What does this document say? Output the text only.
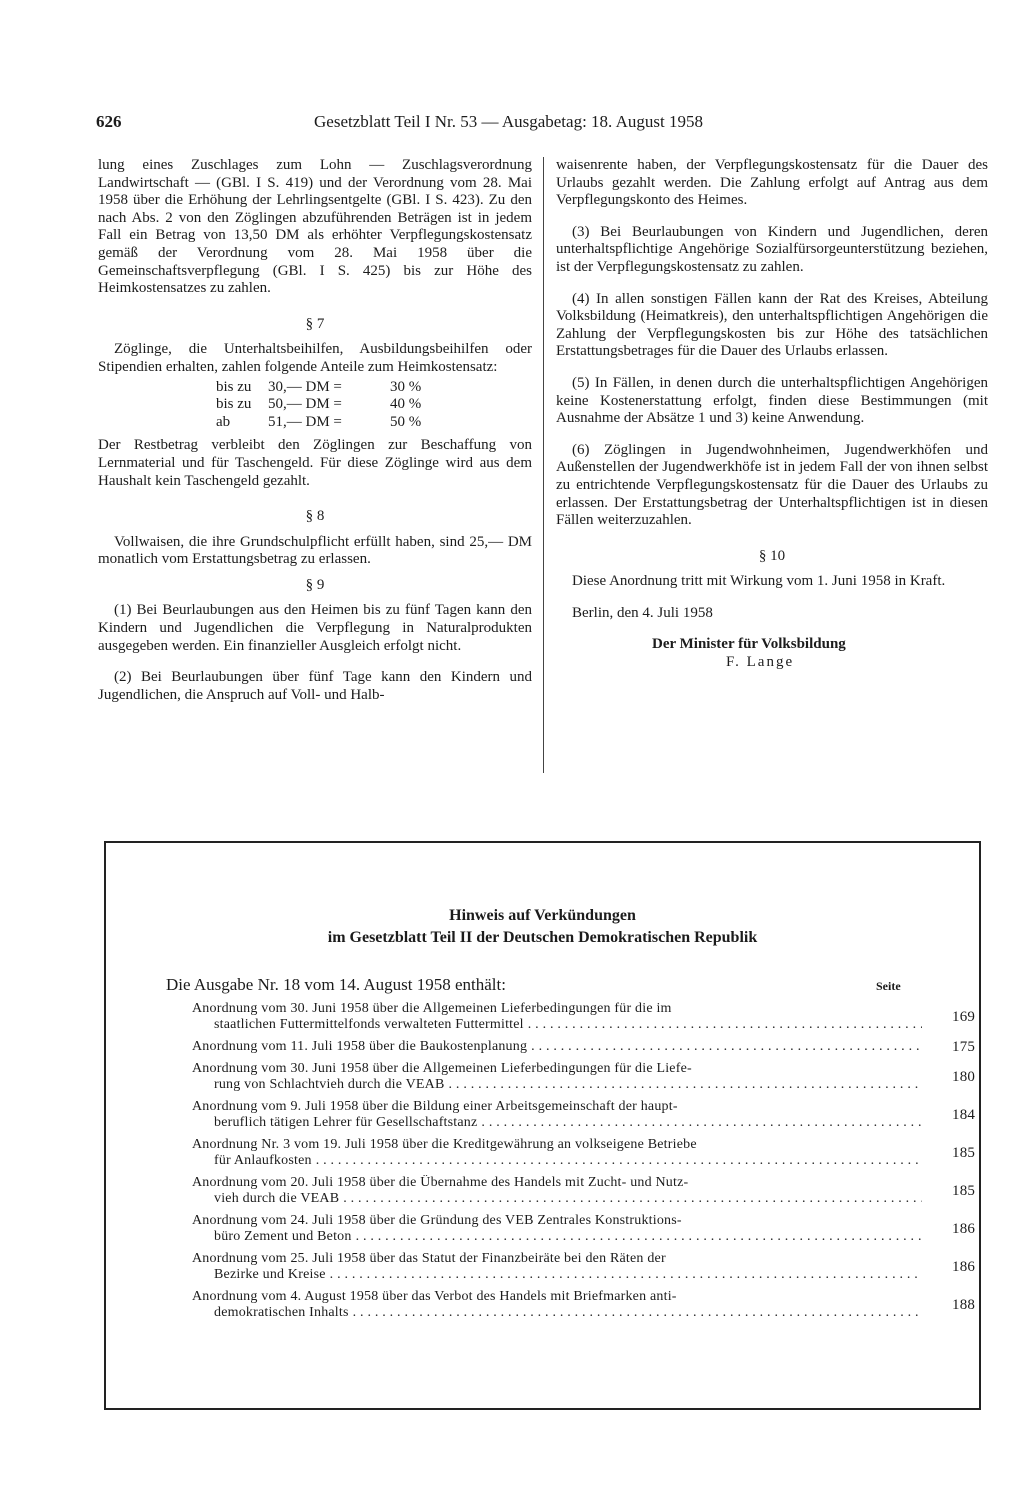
626	Gesetzblatt Teil I Nr. 53 — Ausgabetag: 18. August 1958

lung eines Zuschlages zum Lohn — Zuschlagsverordnung Landwirtschaft — (GBl. I S. 419) und der Verordnung vom 28. Mai 1958 über die Erhöhung der Lehrlingsentgelte (GBl. I S. 423). Zu den nach Abs. 2 von den Zöglingen abzuführenden Beträgen ist in jedem Fall ein Betrag von 13,50 DM als erhöhter Verpflegungskostensatz gemäß der Verordnung vom 28. Mai 1958 über die Gemeinschaftsverpflegung (GBl. I S. 425) bis zur Höhe des Heimkostensatzes zu zahlen.

§ 7

Zöglinge, die Unterhaltsbeihilfen, Ausbildungsbeihilfen oder Stipendien erhalten, zahlen folgende Anteile zum Heimkostensatz:

bis zu	30,— DM =	30 %
bis zu	50,— DM =	40 %
ab	51,— DM =	50 %

Der Restbetrag verbleibt den Zöglingen zur Beschaffung von Lernmaterial und für Taschengeld. Für diese Zöglinge wird aus dem Haushalt kein Taschengeld gezahlt.

§ 8

Vollwaisen, die ihre Grundschulpflicht erfüllt haben, sind 25,— DM monatlich vom Erstattungsbetrag zu erlassen.

§ 9

(1) Bei Beurlaubungen aus den Heimen bis zu fünf Tagen kann den Kindern und Jugendlichen die Verpflegung in Naturalprodukten ausgegeben werden. Ein finanzieller Ausgleich erfolgt nicht.

(2) Bei Beurlaubungen über fünf Tage kann den Kindern und Jugendlichen, die Anspruch auf Voll- und Halb-

waisenrente haben, der Verpflegungskostensatz für die Dauer des Urlaubs gezahlt werden. Die Zahlung erfolgt auf Antrag aus dem Verpflegungskonto des Heimes.

(3) Bei Beurlaubungen von Kindern und Jugendlichen, deren unterhaltspflichtige Angehörige Sozialfürsorgeunterstützung beziehen, ist der Verpflegungskostensatz zu zahlen.

(4) In allen sonstigen Fällen kann der Rat des Kreises, Abteilung Volksbildung (Heimatkreis), den unterhaltspflichtigen Angehörigen die Zahlung der Verpflegungskosten bis zur Höhe des tatsächlichen Erstattungsbetrages für die Dauer des Urlaubs erlassen.

(5) In Fällen, in denen durch die unterhaltspflichtigen Angehörigen keine Kostenerstattung erfolgt, finden diese Bestimmungen (mit Ausnahme der Absätze 1 und 3) keine Anwendung.

(6) Zöglingen in Jugendwohnheimen, Jugendwerkhöfen und Außenstellen der Jugendwerkhöfe ist in jedem Fall der von ihnen selbst zu entrichtende Verpflegungskostensatz für die Dauer des Urlaubs zu erlassen. Der Erstattungsbetrag der Unterhaltspflichtigen ist in diesen Fällen weiterzuzahlen.

§ 10

Diese Anordnung tritt mit Wirkung vom 1. Juni 1958 in Kraft.

Berlin, den 4. Juli 1958

Der Minister für Volksbildung
F. Lange
Hinweis auf Verkündungen
im Gesetzblatt Teil II der Deutschen Demokratischen Republik
Die Ausgabe Nr. 18 vom 14. August 1958 enthält:	Seite
Anordnung vom 30. Juni 1958 über die Allgemeinen Lieferbedingungen für die im
staatlichen Futtermittelfonds verwalteten Futtermittel . . .	169
Anordnung vom 11. Juli 1958 über die Baukostenplanung . . .	175
Anordnung vom 30. Juni 1958 über die Allgemeinen Lieferbedingungen für die Liefe-
rung von Schlachtvieh durch die VEAB . . .	180
Anordnung vom 9. Juli 1958 über die Bildung einer Arbeitsgemeinschaft der haupt-
beruflich tätigen Lehrer für Gesellschaftstanz . . .	184
Anordnung Nr. 3 vom 19. Juli 1958 über die Kreditgewährung an volkseigene Betriebe
für Anlaufkosten . . .	185
Anordnung vom 20. Juli 1958 über die Übernahme des Handels mit Zucht- und Nutz-
vieh durch die VEAB . . .	185
Anordnung vom 24. Juli 1958 über die Gründung des VEB Zentrales Konstruktions-
büro Zement und Beton . . .	186
Anordnung vom 25. Juli 1958 über das Statut der Finanzbeiräte bei den Räten der
Bezirke und Kreise . . .	186
Anordnung vom 4. August 1958 über das Verbot des Handels mit Briefmarken anti-
demokratischen Inhalts . . .	188
